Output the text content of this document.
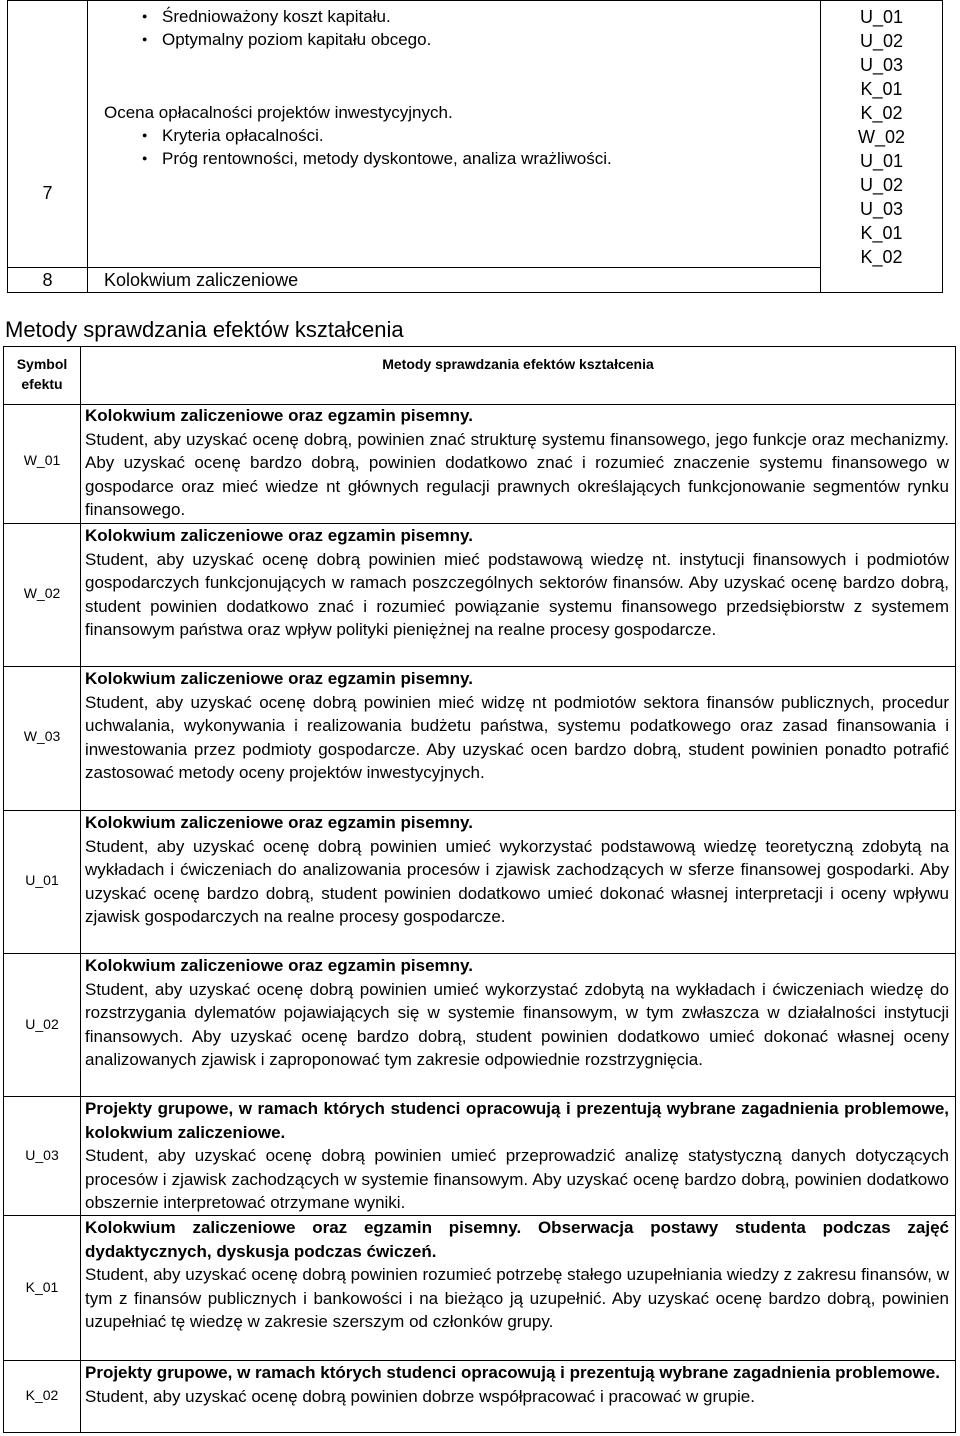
7
● Średnioważony koszt kapitału.
● Optymalny poziom kapitału obcego.
Ocena opłacalności projektów inwestycyjnych.
● Kryteria opłacalności.
● Próg rentowności, metody dyskontowe, analiza wrażliwości.
8	Kolokwium zaliczeniowe
U_01
U_02
U_03
K_01
K_02
W_02
U_01
U_02
U_03
K_01
K_02
Metody sprawdzania efektów kształcenia
Symbol efektu
Metody sprawdzania efektów kształcenia
W_01
W_02
W_03
U_01
U_02
U_03
K_01
K_02

Kolokwium zaliczeniowe oraz egzamin pisemny.

Student, aby uzyskać ocenę dobrą, powinien znać strukturę systemu finansowego, jego funkcje oraz mechanizmy. Aby uzyskać ocenę bardzo dobrą, powinien dodatkowo znać i rozumieć znaczenie systemu finansowego w gospodarce oraz mieć wiedze nt głównych regulacji prawnych określających funkcjonowanie segmentów rynku finansowego.

Kolokwium zaliczeniowe oraz egzamin pisemny.

Student, aby uzyskać ocenę dobrą powinien mieć podstawową wiedzę nt. instytucji finansowych i podmiotów gospodarczych funkcjonujących w ramach poszczególnych sektorów finansów. Aby uzyskać ocenę bardzo dobrą, student powinien dodatkowo znać i rozumieć powiązanie systemu finansowego przedsiębiorstw z systemem finansowym państwa oraz wpływ polityki pieniężnej na realne procesy gospodarcze.

Kolokwium zaliczeniowe oraz egzamin pisemny.

Student, aby uzyskać ocenę dobrą powinien mieć widzę nt podmiotów sektora finansów publicznych, procedur uchwalania, wykonywania i realizowania budżetu państwa, systemu podatkowego oraz zasad finansowania i inwestowania przez podmioty gospodarcze. Aby uzyskać ocen bardzo dobrą, student powinien ponadto potrafić zastosować metody oceny projektów inwestycyjnych.

Kolokwium zaliczeniowe oraz egzamin pisemny.

Student, aby uzyskać ocenę dobrą powinien umieć wykorzystać podstawową wiedzę teoretyczną zdobytą na wykładach i ćwiczeniach do analizowania procesów i zjawisk zachodzących w sferze finansowej gospodarki. Aby uzyskać ocenę bardzo dobrą, student powinien dodatkowo umieć dokonać własnej interpretacji i oceny wpływu zjawisk gospodarczych na realne procesy gospodarcze.

Kolokwium zaliczeniowe oraz egzamin pisemny.

Student, aby uzyskać ocenę dobrą powinien umieć wykorzystać zdobytą na wykładach i ćwiczeniach wiedzę do rozstrzygania dylematów pojawiających się w systemie finansowym, w tym zwłaszcza w działalności instytucji finansowych. Aby uzyskać ocenę bardzo dobrą, student powinien dodatkowo umieć dokonać własnej oceny analizowanych zjawisk i zaproponować tym zakresie odpowiednie rozstrzygnięcia.

Projekty grupowe, w ramach których studenci opracowują i prezentują wybrane zagadnienia problemowe, kolokwium zaliczeniowe.

Student, aby uzyskać ocenę dobrą powinien umieć przeprowadzić analizę statystyczną danych dotyczących procesów i zjawisk zachodzących w systemie finansowym. Aby uzyskać ocenę bardzo dobrą, powinien dodatkowo obszernie interpretować otrzymane wyniki.

Kolokwium zaliczeniowe oraz egzamin pisemny. Obserwacja postawy studenta podczas zajęć dydaktycznych, dyskusja podczas ćwiczeń.

Student, aby uzyskać ocenę dobrą powinien rozumieć potrzebę stałego uzupełniania wiedzy z zakresu finansów, w tym z finansów publicznych i bankowości i na bieżąco ją uzupełnić. Aby uzyskać ocenę bardzo dobrą, powinien uzupełniać tę wiedzę w zakresie szerszym od członków grupy.

Projekty grupowe, w ramach których studenci opracowują i prezentują wybrane zagadnienia problemowe.

Student, aby uzyskać ocenę dobrą powinien dobrze współpracować i pracować w grupie.
